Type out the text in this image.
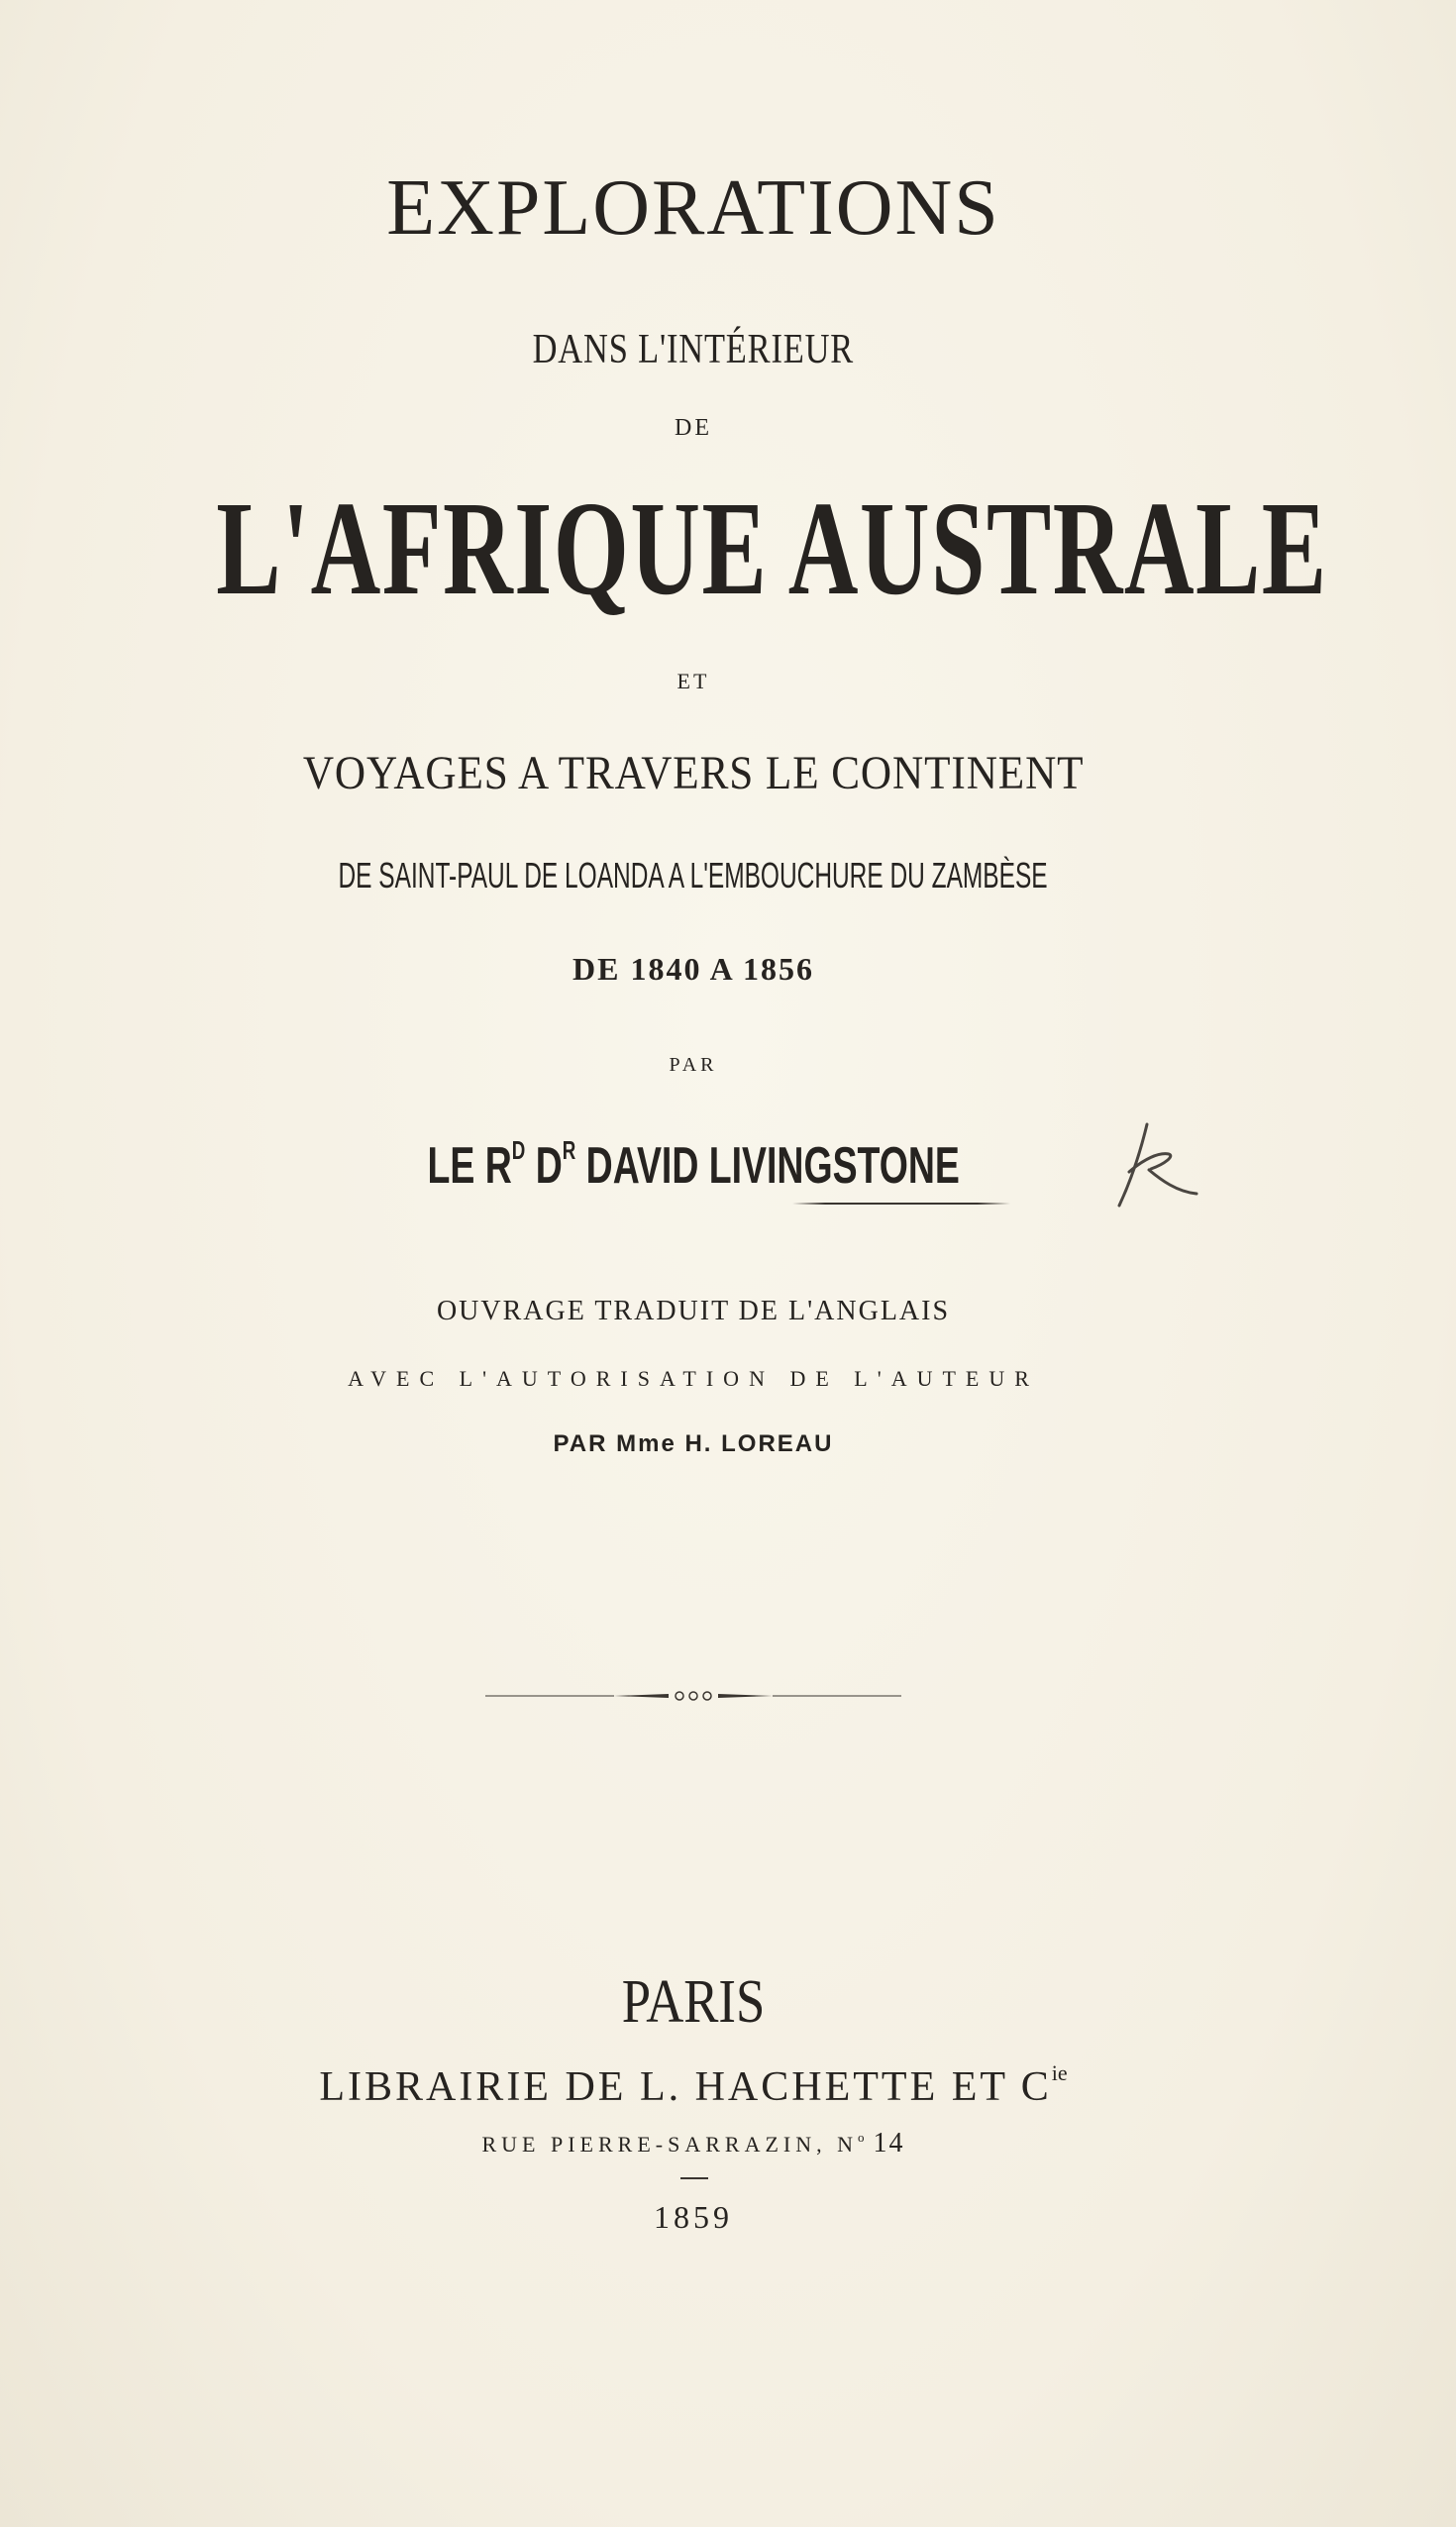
EXPLORATIONS
DANS L'INTÉRIEUR
DE
L'AFRIQUE AUSTRALE
ET
VOYAGES A TRAVERS LE CONTINENT
DE SAINT-PAUL DE LOANDA A L'EMBOUCHURE DU ZAMBÈSE
DE 1840 A 1856
PAR
LE $R^D$ $D^R$ DAVID LIVINGSTONE
K
OUVRAGE TRADUIT DE L'ANGLAIS
AVEC L'AUTORISATION DE L'AUTEUR
PAR Mme H. LOREAU
PARIS
LIBRAIRIE DE L. HACHETTE ET $C^{ie}$
RUE PIERRE-SARRAZIN, $N^o$ 14
1859
